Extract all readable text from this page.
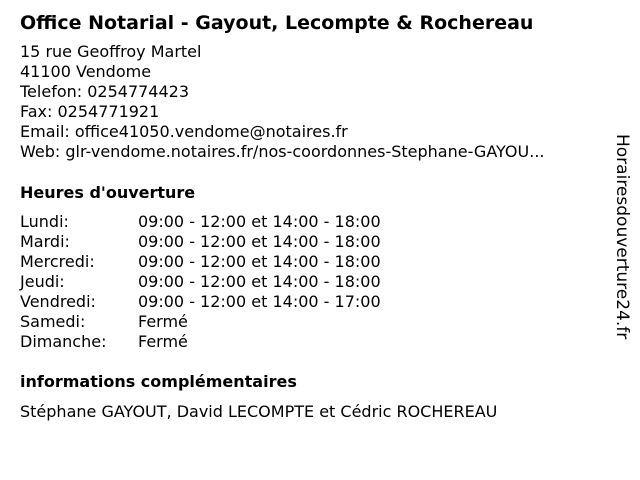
Office Notarial - Gayout, Lecompte & Rochereau
15 rue Geoffroy Martel
41100 Vendome
Telefon: 0254774423
Fax: 0254771921
Email: office41050.vendome@notaires.fr
Web: glr-vendome.notaires.fr/nos-coordonnes-Stephane-GAYOU...
Heures d'ouverture
Lundi:	09:00 - 12:00 et 14:00 - 18:00
Mardi:	09:00 - 12:00 et 14:00 - 18:00
Mercredi:	09:00 - 12:00 et 14:00 - 18:00
Jeudi:	09:00 - 12:00 et 14:00 - 18:00
Vendredi:	09:00 - 12:00 et 14:00 - 17:00
Samedi:	Fermé
Dimanche:	Fermé
informations complémentaires
Stéphane GAYOUT, David LECOMPTE et Cédric ROCHEREAU
Horairesdouverture24.fr
